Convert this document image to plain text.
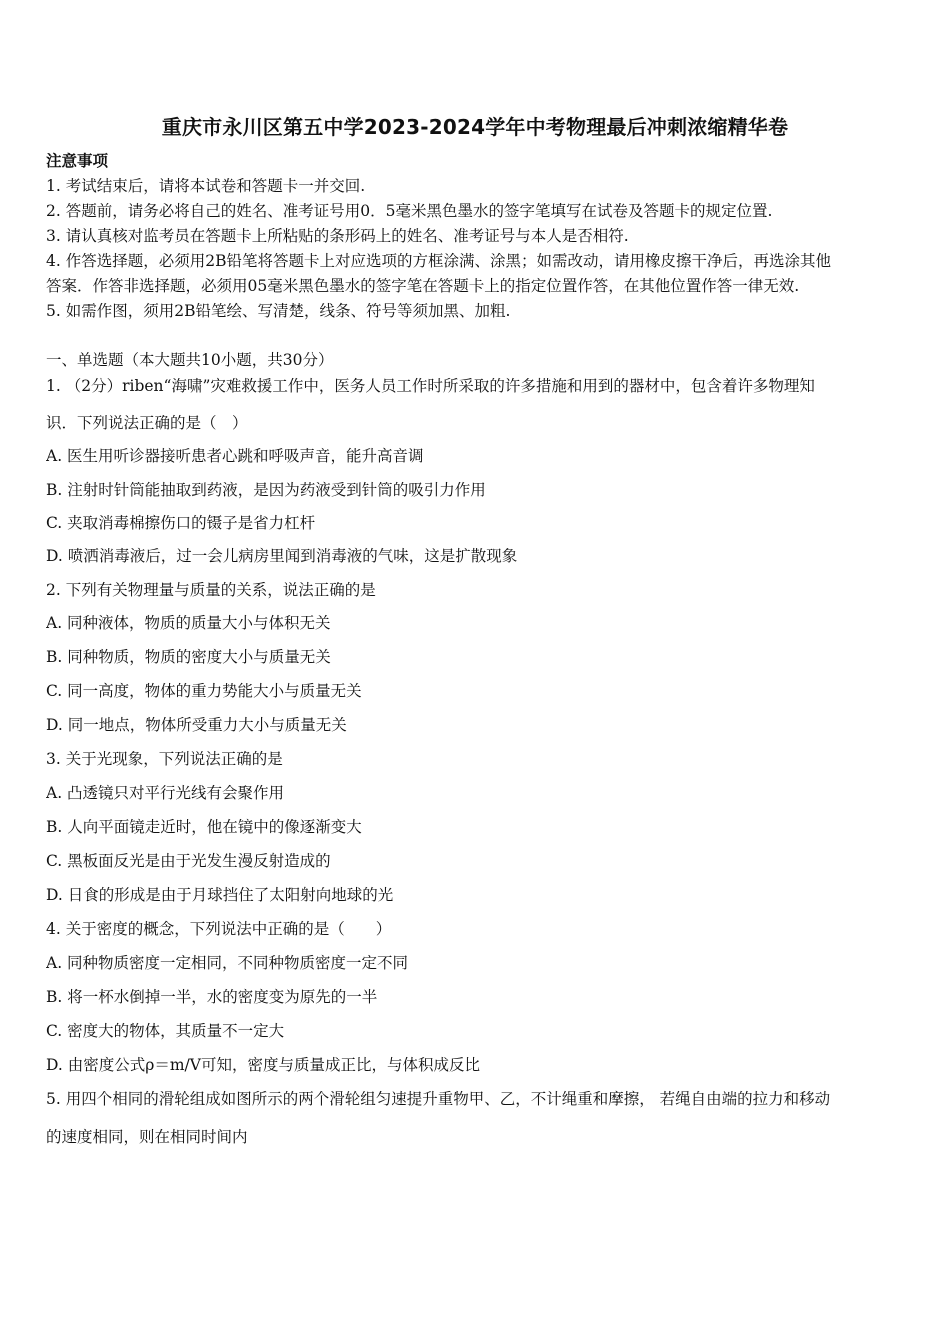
重庆市永川区第五中学2023-2024学年中考物理最后冲刺浓缩精华卷
注意事项
1. 考试结束后，请将本试卷和答题卡一并交回.
2. 答题前，请务必将自己的姓名、准考证号用0．5毫米黑色墨水的签字笔填写在试卷及答题卡的规定位置.
3. 请认真核对监考员在答题卡上所粘贴的条形码上的姓名、准考证号与本人是否相符.
4. 作答选择题，必须用2B铅笔将答题卡上对应选项的方框涂满、涂黑；如需改动，请用橡皮擦干净后，再选涂其他
答案．作答非选择题，必须用05毫米黑色墨水的签字笔在答题卡上的指定位置作答，在其他位置作答一律无效.
5. 如需作图，须用2B铅笔绘、写清楚，线条、符号等须加黑、加粗.
一、单选题（本大题共10小题，共30分）
1. （2分）riben“海啸”灾难救援工作中，医务人员工作时所采取的许多措施和用到的器材中，包含着许多物理知
识．下列说法正确的是（　）
A. 医生用听诊器接听患者心跳和呼吸声音，能升高音调
B. 注射时针筒能抽取到药液，是因为药液受到针筒的吸引力作用
C. 夹取消毒棉擦伤口的镊子是省力杠杆
D. 喷洒消毒液后，过一会儿病房里闻到消毒液的气味，这是扩散现象
2. 下列有关物理量与质量的关系，说法正确的是
A. 同种液体，物质的质量大小与体积无关
B. 同种物质，物质的密度大小与质量无关
C. 同一高度，物体的重力势能大小与质量无关
D. 同一地点，物体所受重力大小与质量无关
3. 关于光现象，下列说法正确的是
A. 凸透镜只对平行光线有会聚作用
B. 人向平面镜走近时，他在镜中的像逐渐变大
C. 黑板面反光是由于光发生漫反射造成的
D. 日食的形成是由于月球挡住了太阳射向地球的光
4. 关于密度的概念，下列说法中正确的是（　　）
A. 同种物质密度一定相同，不同种物质密度一定不同
B. 将一杯水倒掉一半，水的密度变为原先的一半
C. 密度大的物体，其质量不一定大
D. 由密度公式ρ＝m/V可知，密度与质量成正比，与体积成反比
5. 用四个相同的滑轮组成如图所示的两个滑轮组匀速提升重物甲、乙，不计绳重和摩擦， 若绳自由端的拉力和移动
的速度相同，则在相同时间内
